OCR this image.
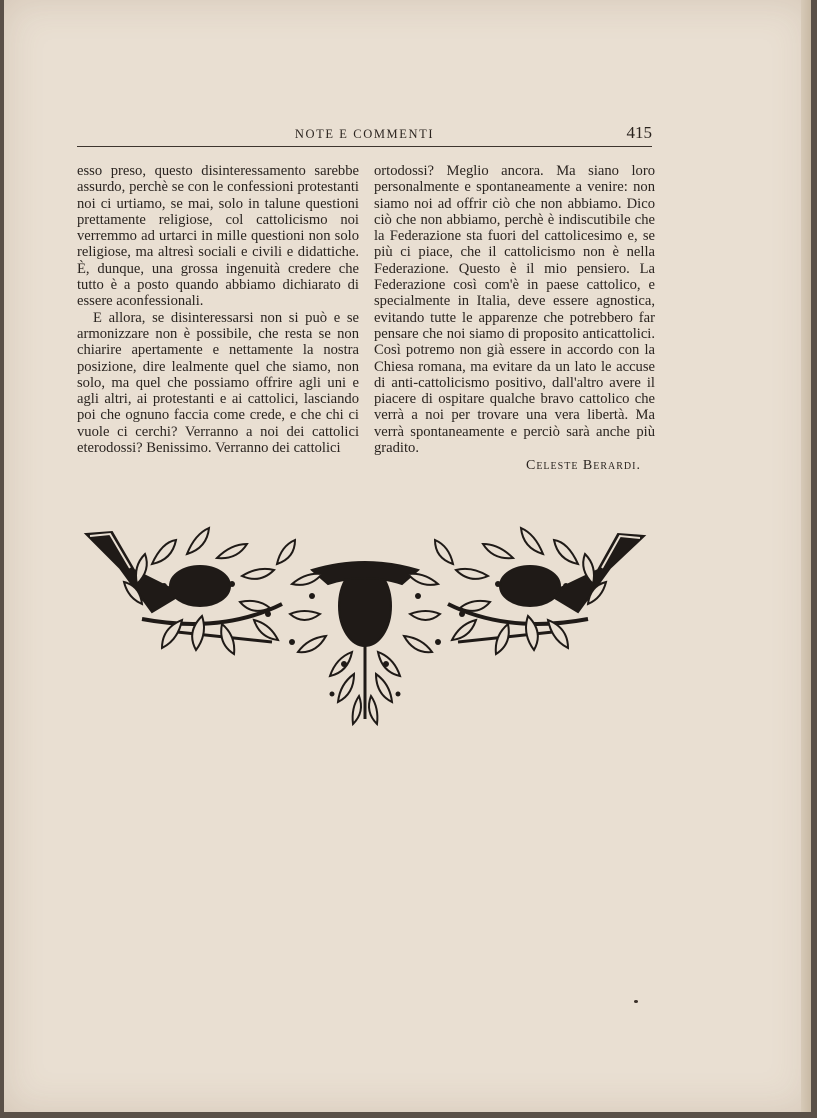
NOTE E COMMENTI	415

esso preso, questo disinteressamento sarebbe assurdo, perchè se con le confessioni protestanti noi ci urtiamo, se mai, solo in talune questioni prettamente religiose, col cattolicismo noi verremmo ad urtarci in mille questioni non solo religiose, ma altresì sociali e civili e didattiche. È, dunque, una grossa ingenuità credere che tutto è a posto quando abbiamo dichiarato di essere aconfessionali.

E allora, se disinteressarsi non si può e se armonizzare non è possibile, che resta se non chiarire apertamente e nettamente la nostra posizione, dire lealmente quel che siamo, non solo, ma quel che possiamo offrire agli uni e agli altri, ai protestanti e ai cattolici, lasciando poi che ognuno faccia come crede, e che chi ci vuole ci cerchi? Verranno a noi dei cattolici eterodossi? Benissimo. Verranno dei cattolici

ortodossi? Meglio ancora. Ma siano loro personalmente e spontaneamente a venire: non siamo noi ad offrir ciò che non abbiamo. Dico ciò che non abbiamo, perchè è indiscutibile che la Federazione sta fuori del cattolicesimo e, se più ci piace, che il cattolicismo non è nella Federazione. Questo è il mio pensiero. La Federazione così com'è in paese cattolico, e specialmente in Italia, deve essere agnostica, evitando tutte le apparenze che potrebbero far pensare che noi siamo di proposito anticattolici. Così potremo non già essere in accordo con la Chiesa romana, ma evitare da un lato le accuse di anti-cattolicismo positivo, dall'altro avere il piacere di ospitare qualche bravo cattolico che verrà a noi per trovare una vera libertà. Ma verrà spontaneamente e perciò sarà anche più gradito.

Celeste Berardi.
